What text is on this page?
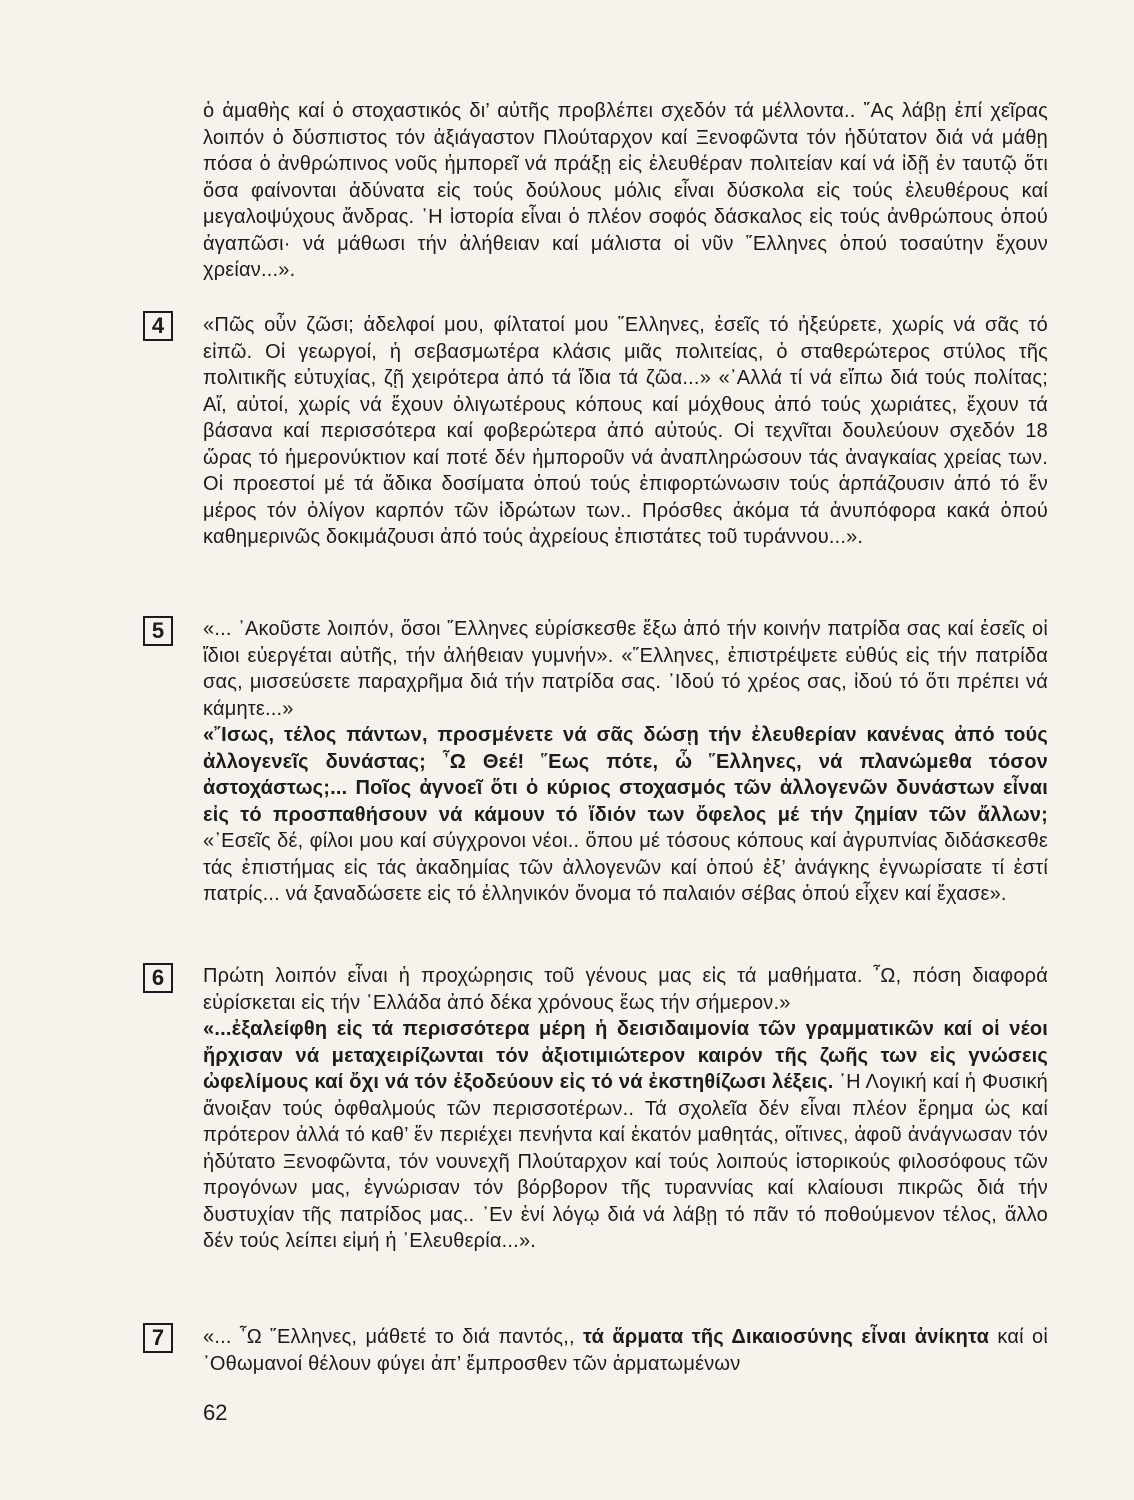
ὁ ἀμαθὴς καί ὁ στοχαστικός δι’ αὐτῆς προβλέπει σχεδόν τά μέλλοντα.. ῎Ας λάβῃ ἐπί χεῖρας λοιπόν ὁ δύσπιστος τόν ἀξιάγαστον Πλούταρχον καί Ξενοφῶντα τόν ἡδύτατον διά νά μάθῃ πόσα ὁ ἀνθρώπινος νοῦς ἠμπορεῖ νά πράξῃ εἰς ἐλευθέραν πολιτείαν καί νά ἰδῇ ἐν ταυτῷ ὅτι ὅσα φαίνονται ἀδύνατα εἰς τούς δούλους μόλις εἶναι δύσκολα εἰς τούς ἐλευθέρους καί μεγαλοψύχους ἄνδρας. ῾Η ἱστορία εἶναι ὁ πλέον σοφός δάσκαλος εἰς τούς ἀνθρώπους ὁπού ἀγαπῶσι· νά μάθωσι τήν ἀλήθειαν καί μάλιστα οἱ νῦν ῞Ελληνες ὁπού τοσαύτην ἔχουν χρείαν...».

4	«Πῶς οὖν ζῶσι; ἀδελφοί μου, φίλτατοί μου ῞Ελληνες, ἐσεῖς τό ἠξεύρετε, χωρίς νά σᾶς τό εἰπῶ. Οἱ γεωργοί, ἡ σεβασμωτέρα κλάσις μιᾶς πολιτείας, ὁ σταθερώτερος στύλος τῆς πολιτικῆς εὐτυχίας, ζῇ χειρότερα ἀπό τά ἴδια τά ζῶα...» «᾿Αλλά τί νά εἴπω διά τούς πολίτας; Αἴ, αὐτοί, χωρίς νά ἔχουν ὀλιγωτέρους κόπους καί μόχθους ἀπό τούς χωριάτες, ἔχουν τά βάσανα καί περισσότερα καί φοβερώτερα ἀπό αὐτούς. Οἱ τεχνῖται δουλεύουν σχεδόν 18 ὥρας τό ἡμερονύκτιον καί ποτέ δέν ἠμποροῦν νά ἀναπληρώσουν τάς ἀναγκαίας χρείας των. Οἱ προεστοί μέ τά ἄδικα δοσίματα ὁπού τούς ἐπιφορτώνωσιν τούς ἁρπάζουσιν ἀπό τό ἕν μέρος τόν ὀλίγον καρπόν τῶν ἱδρώτων των.. Πρόσθες ἀκόμα τά ἀνυπόφορα κακά ὁπού καθημερινῶς δοκιμάζουσι ἀπό τούς ἀχρείους ἐπιστάτες τοῦ τυράννου...».

5	«... ᾿Ακοῦστε λοιπόν, ὅσοι ῞Ελληνες εὑρίσκεσθε ἔξω ἀπό τήν κοινήν πατρίδα σας καί ἐσεῖς οἱ ἴδιοι εὐεργέται αὐτῆς, τήν ἀλήθειαν γυμνήν». «῞Ελληνες, ἐπιστρέψετε εὐθύς εἰς τήν πατρίδα σας, μισσεύσετε παραχρῆμα διά τήν πατρίδα σας. ᾿Ιδού τό χρέος σας, ἰδού τό ὅτι πρέπει νά κάμητε...»

«῎Ισως, τέλος πάντων, προσμένετε νά σᾶς δώσῃ τήν ἐλευθερίαν κανένας ἀπό τούς ἀλλογενεῖς δυνάστας; ῏Ω Θεέ! ῞Εως πότε, ὦ ῞Ελληνες, νά πλανώμεθα τόσον ἀστοχάστως;... Ποῖος ἀγνοεῖ ὅτι ὁ κύριος στοχασμός τῶν ἀλλογενῶν δυνάστων εἶναι εἰς τό προσπαθήσουν νά κάμουν τό ἴδιόν των ὄφελος μέ τήν ζημίαν τῶν ἄλλων; «᾿Εσεῖς δέ, φίλοι μου καί σύγχρονοι νέοι.. ὅπου μέ τόσους κόπους καί ἀγρυπνίας διδάσκεσθε τάς ἐπιστήμας εἰς τάς ἀκαδημίας τῶν ἀλλογενῶν καί ὁπού ἐξ’ ἀνάγκης ἐγνωρίσατε τί ἐστί πατρίς... νά ξαναδώσετε εἰς τό ἑλληνικόν ὄνομα τό παλαιόν σέβας ὁπού εἶχεν καί ἔχασε».

6	Πρώτη λοιπόν εἶναι ἡ προχώρησις τοῦ γένους μας εἰς τά μαθήματα. ῏Ω, πόση διαφορά εὑρίσκεται εἰς τήν ῾Ελλάδα ἀπό δέκα χρόνους ἕως τήν σήμερον.»

«...ἐξαλείφθη εἰς τά περισσότερα μέρη ἡ δεισιδαιμονία τῶν γραμματικῶν καί οἱ νέοι ἤρχισαν νά μεταχειρίζωνται τόν ἀξιοτιμιώτερον καιρόν τῆς ζωῆς των εἰς γνώσεις ὠφελίμους καί ὄχι νά τόν ἐξοδεύουν εἰς τό νά ἐκστηθίζωσι λέξεις. ῾Η Λογική καί ἡ Φυσική ἄνοιξαν τούς ὀφθαλμούς τῶν περισσοτέρων.. Τά σχολεῖα δέν εἶναι πλέον ἔρημα ὡς καί πρότερον ἀλλά τό καθ’ ἕν περιέχει πενήντα καί ἑκατόν μαθητάς, οἵτινες, ἀφοῦ ἀνάγνωσαν τόν ἡδύτατο Ξενοφῶντα, τόν νουνεχῆ Πλούταρχον καί τούς λοιπούς ἱστορικούς φιλοσόφους τῶν προγόνων μας, ἐγνώρισαν τόν βόρβορον τῆς τυραννίας καί κλαίουσι πικρῶς διά τήν δυστυχίαν τῆς πατρίδος μας.. ᾿Εν ἑνί λόγῳ διά νά λάβῃ τό πᾶν τό ποθούμενον τέλος, ἄλλο δέν τούς λείπει εἰμή ἡ ᾿Ελευθερία...».

7	«... ῏Ω ῞Ελληνες, μάθετέ το διά παντός,, τά ἅρματα τῆς Δικαιοσύνης εἶναι ἀνίκητα καί οἱ ᾿Οθωμανοί θέλουν φύγει ἀπ’ ἔμπροσθεν τῶν ἁρματωμένων

62
